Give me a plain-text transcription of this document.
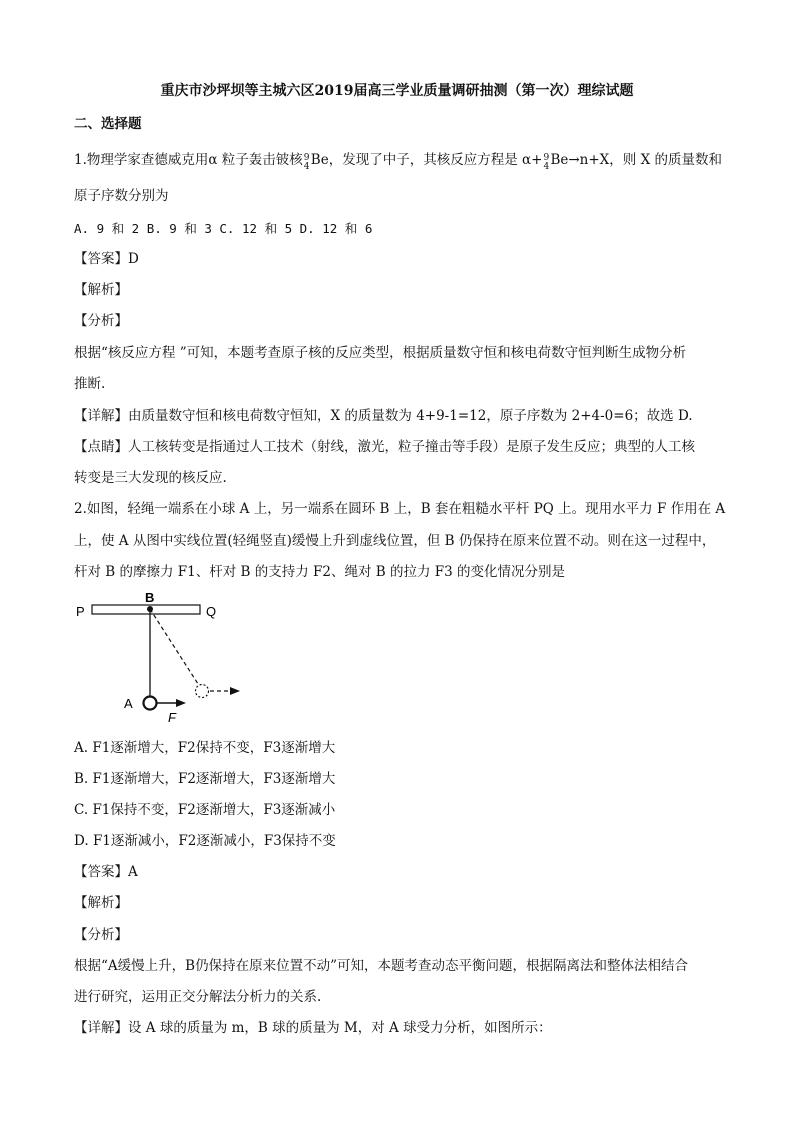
重庆市沙坪坝等主城六区2019届高三学业质量调研抽测（第一次）理综试题
二、选择题
1.物理学家查德威克用α 粒子轰击铍核 9
4 Be，发现了中子，其核反应方程是 α+ 9
4 Be→n+X，则 X 的质量数和
原子序数分别为
A. 9 和 2 B. 9 和 3 C. 12 和 5 D. 12 和 6
【答案】D
【解析】
【分析】
根据“核反应方程 ”可知，本题考查原子核的反应类型，根据质量数守恒和核电荷数守恒判断生成物分析
推断.
【详解】由质量数守恒和核电荷数守恒知，X 的质量数为 4+9-1=12，原子序数为 2+4-0=6；故选 D.
【点睛】人工核转变是指通过人工技术（射线，激光，粒子撞击等手段）是原子发生反应；典型的人工核
转变是三大发现的核反应.
2.如图，轻绳一端系在小球 A 上，另一端系在圆环 B 上，B 套在粗糙水平杆 PQ 上。现用水平力 F 作用在 A
上，使 A 从图中实线位置(轻绳竖直)缓慢上升到虚线位置，但 B 仍保持在原来位置不动。则在这一过程中，
杆对 B 的摩擦力 F1、杆对 B 的支持力 F2、绳对 B 的拉力 F3 的变化情况分别是
P
B
Q
A
F
A. F1逐渐增大，F2保持不变，F3逐渐增大
B. F1逐渐增大，F2逐渐增大，F3逐渐增大
C. F1保持不变，F2逐渐增大，F3逐渐减小
D. F1逐渐减小，F2逐渐减小，F3保持不变
【答案】A
【解析】
【分析】
根据“A缓慢上升，B仍保持在原来位置不动”可知，本题考查动态平衡问题，根据隔离法和整体法相结合
进行研究，运用正交分解法分析力的关系.
【详解】设 A 球的质量为 m，B 球的质量为 M，对 A 球受力分析，如图所示：
